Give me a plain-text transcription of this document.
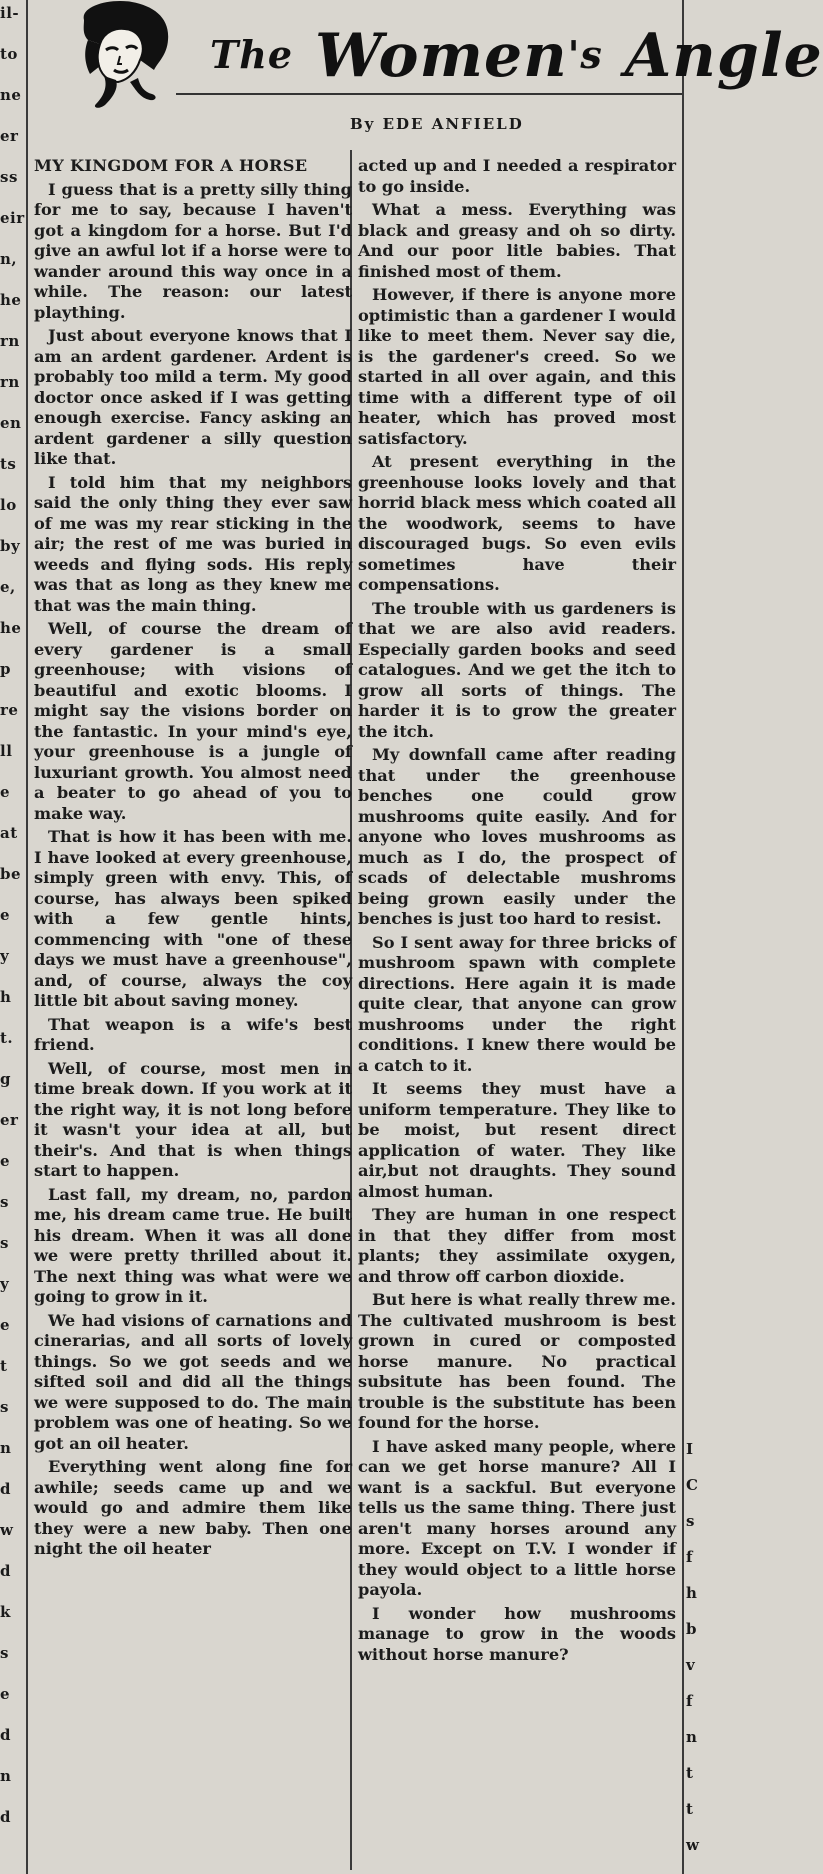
il-
to
ne
er
ss
eir
n,
he
rn
rn
en
ts
lo
by
e,
he
p
re
ll
e
at
be
e
y
h
t.
g
er
e
s
s
y
e
t
s
n
d
w
d
k
s
e
d
n
d
I
C
s
f
h
b
v
f
n
t
t
w
The Women's Angle
By EDE ANFIELD
MY KINGDOM FOR A HORSE

I guess that is a pretty silly thing for me to say, because I haven't got a kingdom for a horse. But I'd give an awful lot if a horse were to wander around this way once in a while. The reason: our latest plaything.

Just about everyone knows that I am an ardent gardener. Ardent is probably too mild a term. My good doctor once asked if I was getting enough exercise. Fancy asking an ardent gardener a silly question like that.

I told him that my neighbors said the only thing they ever saw of me was my rear sticking in the air; the rest of me was buried in weeds and flying sods. His reply was that as long as they knew me that was the main thing.

Well, of course the dream of every gardener is a small greenhouse; with visions of beautiful and exotic blooms. I might say the visions border on the fantastic. In your mind's eye, your greenhouse is a jungle of luxuriant growth. You almost need a beater to go ahead of you to make way.

That is how it has been with me. I have looked at every greenhouse, simply green with envy. This, of course, has always been spiked with a few gentle hints, commencing with "one of these days we must have a greenhouse", and, of course, always the coy little bit about saving money.

That weapon is a wife's best friend.

Well, of course, most men in time break down. If you work at it the right way, it is not long before it wasn't your idea at all, but their's. And that is when things start to happen.

Last fall, my dream, no, pardon me, his dream came true. He built his dream. When it was all done we were pretty thrilled about it. The next thing was what were we going to grow in it.

We had visions of carnations and cinerarias, and all sorts of lovely things. So we got seeds and we sifted soil and did all the things we were supposed to do. The main problem was one of heating. So we got an oil heater.

Everything went along fine for awhile; seeds came up and we would go and admire them like they were a new baby. Then one night the oil heater

acted up and I needed a respirator to go inside.

What a mess. Everything was black and greasy and oh so dirty. And our poor litle babies. That finished most of them.

However, if there is anyone more optimistic than a gardener I would like to meet them. Never say die, is the gardener's creed. So we started in all over again, and this time with a different type of oil heater, which has proved most satisfactory.

At present everything in the greenhouse looks lovely and that horrid black mess which coated all the woodwork, seems to have discouraged bugs. So even evils sometimes have their compensations.

The trouble with us gardeners is that we are also avid readers. Especially garden books and seed catalogues. And we get the itch to grow all sorts of things. The harder it is to grow the greater the itch.

My downfall came after reading that under the greenhouse benches one could grow mushrooms quite easily. And for anyone who loves mushrooms as much as I do, the prospect of scads of delectable mushroms being grown easily under the benches is just too hard to resist.

So I sent away for three bricks of mushroom spawn with complete directions. Here again it is made quite clear, that anyone can grow mushrooms under the right conditions. I knew there would be a catch to it.

It seems they must have a uniform temperature. They like to be moist, but resent direct application of water. They like air,but not draughts. They sound almost human.

They are human in one respect in that they differ from most plants; they assimilate oxygen, and throw off carbon dioxide.

But here is what really threw me. The cultivated mushroom is best grown in cured or composted horse manure. No practical subsitute has been found. The trouble is the substitute has been found for the horse.

I have asked many people, where can we get horse manure? All I want is a sackful. But everyone tells us the same thing. There just aren't many horses around any more. Except on T.V. I wonder if they would object to a little horse payola.

I wonder how mushrooms manage to grow in the woods without horse manure?
